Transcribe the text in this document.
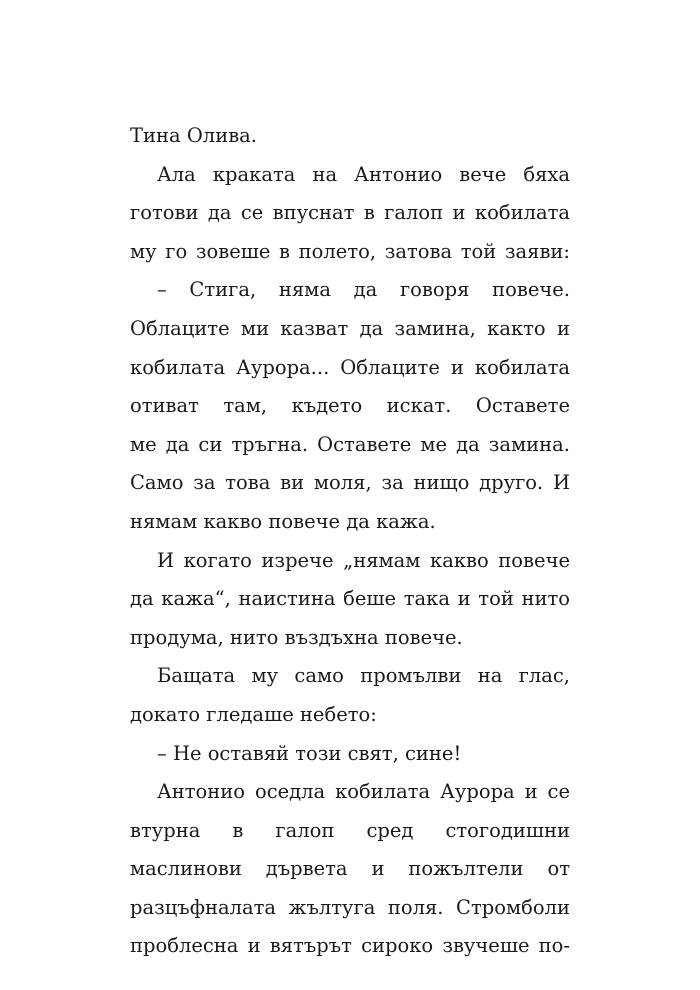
Тина Олива.
Ала краката на Антонио вече бяха
готови да се впуснат в галоп и кобилата
му го зовеше в полето, затова той заяви:
– Стига, няма да говоря повече.
Облаците ми казват да замина, както и
кобилата Аурора... Облаците и кобилата
отиват там, където искат. Оставете
ме да си тръгна. Оставете ме да замина.
Само за това ви моля, за нищо друго. И
нямам какво повече да кажа.
И когато изрече „нямам какво повече
да кажа“, наистина беше така и той нито
продума, нито въздъхна повече.
Бащата му само промълви на глас,
докато гледаше небето:
– Не оставяй този свят, сине!
Антонио оседла кобилата Аурора и се
втурна в галоп сред стогодишни
маслинови дървета и пожълтели от
разцъфналата жълтуга поля. Стромболи
проблесна и вятърът сироко звучеше по-
